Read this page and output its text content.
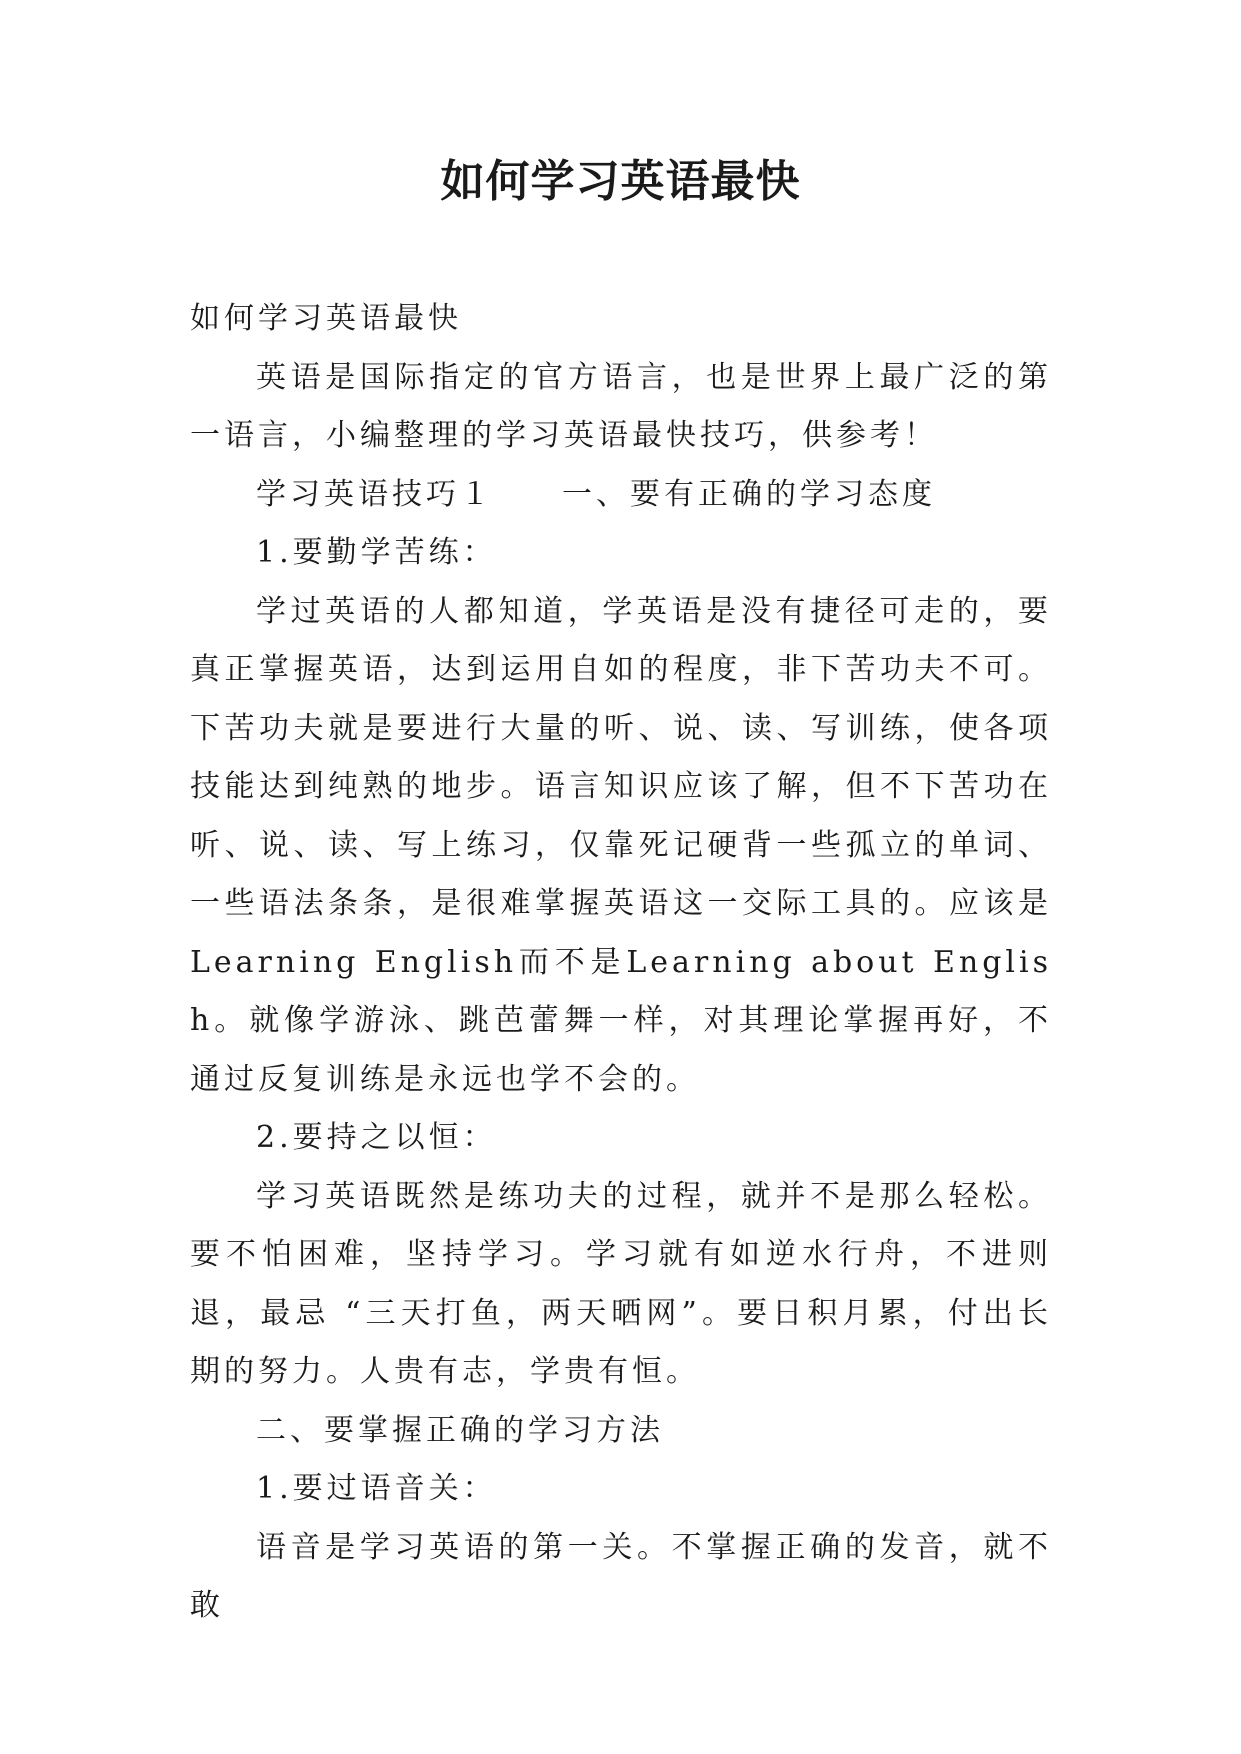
如何学习英语最快

如何学习英语最快

英语是国际指定的官方语言，也是世界上最广泛的第一语言，小编整理的学习英语最快技巧，供参考！

学习英语技巧１　　一、要有正确的学习态度

1.要勤学苦练：

学过英语的人都知道，学英语是没有捷径可走的，要真正掌握英语，达到运用自如的程度，非下苦功夫不可。下苦功夫就是要进行大量的听、说、读、写训练，使各项技能达到纯熟的地步。语言知识应该了解，但不下苦功在听、说、读、写上练习，仅靠死记硬背一些孤立的单词、一些语法条条，是很难掌握英语这一交际工具的。应该是Learning English而不是Learning about English。就像学游泳、跳芭蕾舞一样，对其理论掌握再好，不通过反复训练是永远也学不会的。

2.要持之以恒：

学习英语既然是练功夫的过程，就并不是那么轻松。要不怕困难，坚持学习。学习就有如逆水行舟，不进则退，最忌 “三天打鱼，两天晒网”。要日积月累，付出长期的努力。人贵有志，学贵有恒。

二、要掌握正确的学习方法

1.要过语音关：

语音是学习英语的第一关。不掌握正确的发音，就不敢
